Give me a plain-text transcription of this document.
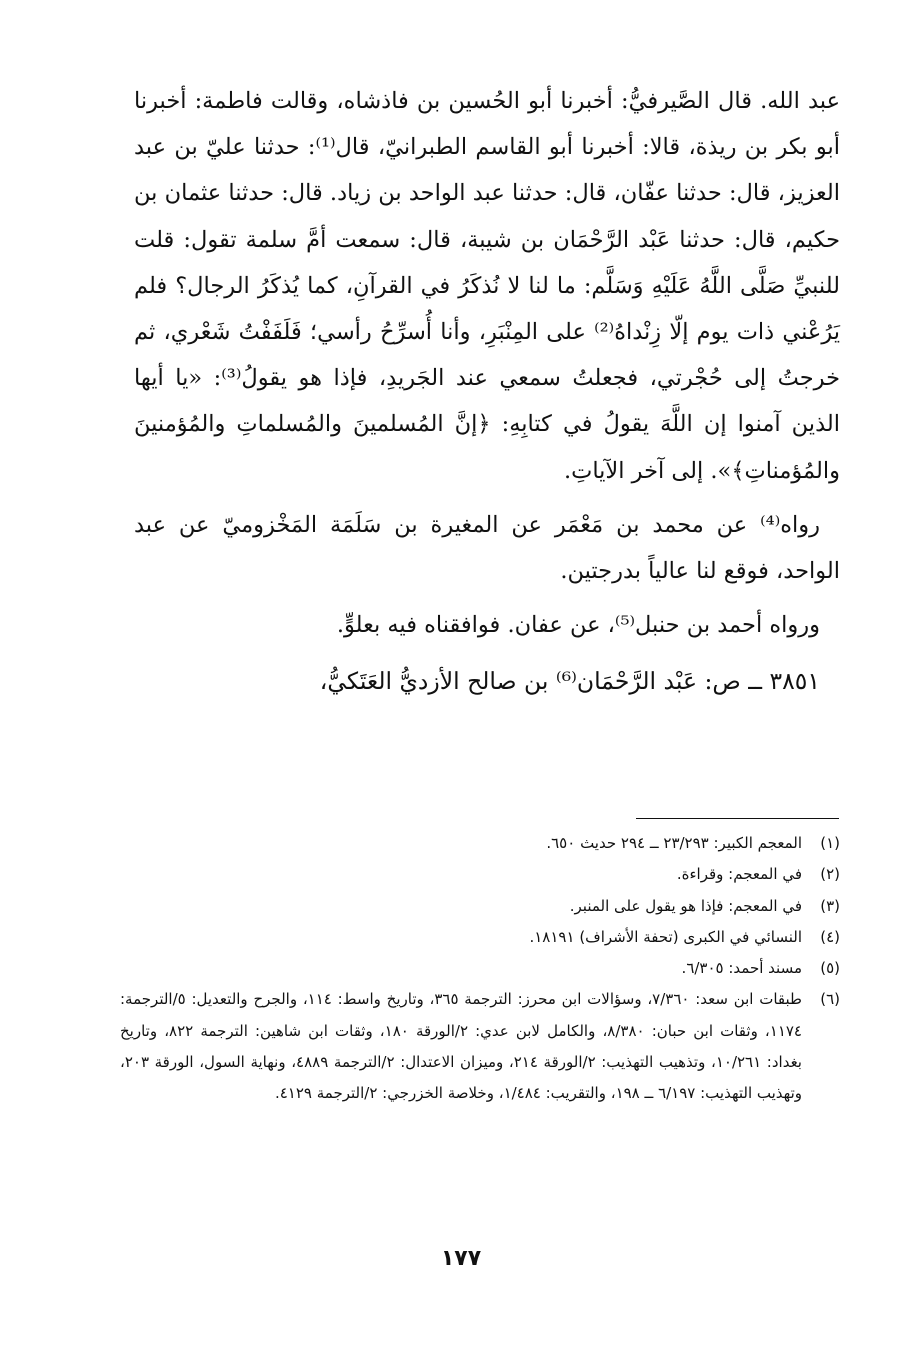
عبد الله. قال الصَّيرفيُّ: أخبرنا أبو الحُسين بن فاذشاه، وقالت فاطمة: أخبرنا أبو بكر بن ريذة، قالا: أخبرنا أبو القاسم الطبرانيّ، قال⁽¹⁾: حدثنا عليّ بن عبد العزيز، قال: حدثنا عفّان، قال: حدثنا عبد الواحد بن زياد. قال: حدثنا عثمان بن حكيم، قال: حدثنا عَبْد الرَّحْمَان بن شيبة، قال: سمعت أمَّ سلمة تقول: قلت للنبيِّ صَلَّى اللَّهُ عَلَيْهِ وَسَلَّم: ما لنا لا نُذكَرُ في القرآنِ، كما يُذكَرُ الرجال؟ فلم يَرُعْني ذات يوم إلّا زِنْداهُ⁽²⁾ على المِنْبَرِ، وأنا أُسرِّحُ رأسي؛ فَلَفَفْتُ شَعْري، ثم خرجتُ إلى حُجْرتي، فجعلتُ سمعي عند الجَريدِ، فإذا هو يقولُ⁽³⁾: «يا أيها الذين آمنوا إن اللَّهَ يقولُ في كتابِهِ: ﴿إنَّ المُسلمينَ والمُسلماتِ والمُؤمنينَ والمُؤمناتِ﴾». إلى آخر الآياتِ.

رواه⁽⁴⁾ عن محمد بن مَعْمَر عن المغيرة بن سَلَمَة المَخْزوميّ عن عبد الواحد، فوقع لنا عالياً بدرجتين.

ورواه أحمد بن حنبل⁽⁵⁾، عن عفان. فوافقناه فيه بعلوٍّ.

٣٨٥١ ــ ص: عَبْد الرَّحْمَان⁽⁶⁾ بن صالح الأزديُّ العَتَكيُّ،

(١)
المعجم الكبير: ٢٣/٢٩٣ ــ ٢٩٤ حديث ٦٥٠.
(٢)
في المعجم: وقراءة.
(٣)
في المعجم: فإذا هو يقول على المنبر.
(٤)
النسائي في الكبرى (تحفة الأشراف) ١٨١٩١.
(٥)
مسند أحمد: ٦/٣٠٥.
(٦)
طبقات ابن سعد: ٧/٣٦٠، وسؤالات ابن محرز: الترجمة ٣٦٥، وتاريخ واسط: ١١٤، والجرح والتعديل: ٥/الترجمة: ١١٧٤، وثقات ابن حبان: ٨/٣٨٠، والكامل لابن عدي: ٢/الورقة ١٨٠، وثقات ابن شاهين: الترجمة ٨٢٢، وتاريخ بغداد: ١٠/٢٦١، وتذهيب التهذيب: ٢/الورقة ٢١٤، وميزان الاعتدال: ٢/الترجمة ٤٨٨٩، ونهاية السول، الورقة ٢٠٣، وتهذيب التهذيب: ٦/١٩٧ ــ ١٩٨، والتقريب: ١/٤٨٤، وخلاصة الخزرجي: ٢/الترجمة ٤١٢٩.
١٧٧
